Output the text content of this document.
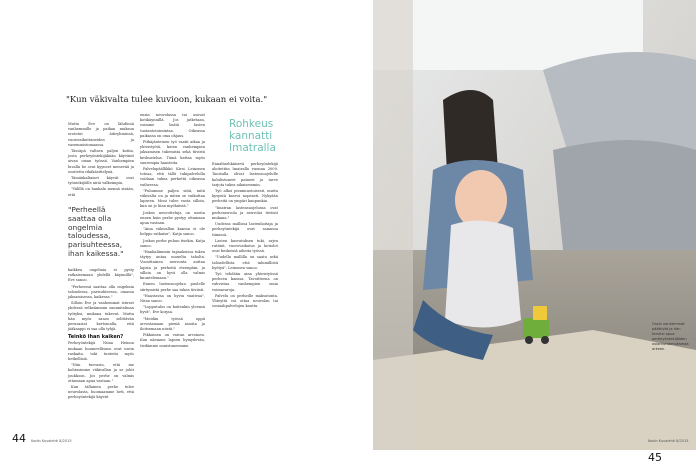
"Kun väkivalta tulee kuvioon, kukaan ei voita."

Mutta Eve on lähdössä vanhemmille ja paikan muksun erotetut äitiryhmässä, vuosivaikuttaneiden ja vasemmistomaassa.

Tässäpä valtava paljon kotiin, josta perheyöntekijäkään käyvänit aivan oman työnsä. Vanhempien luvalla he ovat kyyneet menevää ja osoitettu rikäkäsittelynä.

Tämänkaltaiset käyvät ovat työntekijöille niitä valkeimpia.

"Välillä on hankala mennä sisään, että

"Perheellä saattaa olla ongelmia taloudessa, parisuhteessa, ihan kaikessa."

kaikkea ongelmia ei pysty ratkaisemaan yhdellä käynnillä", Eve sanoo.

"Perheessä saattaa olla ongelmia taloudessa, parisuhteessa, omassa jaksamisessa, kaikessa."

Silloin Eve ja vanhemmat istuvat yhdessä selkeämmän suunnitelman työtyksi, mukana tukevat. Mutta hän myös sanoo selittävän perusasiat kertomalla, että jääkaappi ei saa olla tyhjä.

Teinkö ihan kaiken?

Perheyöntekijä Niina Heinon mukaan huumeellisuus ovat usein raskaita, toki tunteita myös hetkellisiä.

"Niin turvasin, että me kohtasimme väkivallan ja se johti joukkoon. Jos perhe on valmis ottamaan apua vastaan."

Kun tällainen perhe tulee neuvolasta, huomaamme heti, että perheyöntekijä käyvät

ensin neuvolassa tai asuvat kotikäynnillä. Jos jatketaan, voimme lisätä lasten tuotantotoimintaa. Oikeassa paikassa on oma ohjaus.

Pitkäjänteinen työ vaatii aikaa ja yhteistyötä, kuten vanhempien jaksamisen tukemista sekä tiivistä keskustelua. Tämä kattaa myös suurempia haasteita.

Palvelupäällikkö Kirsi Leinonen toteaa, että tällä tukipalvelulla voidaan tukea perhettä oikeassa vaiheessa.

"Puhumme paljon siitä, mitä väkivalta on ja miten se vaikuttaa lapseen. Moni tulee vasta silloin, kun on jo liian myöhäistä."

Joskus neuvotteluja on useita ennen kuin perhe pystyy ottamaan apua vastaan.

"Aina väkivallan kanssa ei ole helppo ratkaisu", Katja sanoo.

Joskus perhe puhuu itsekin, Katja sanoo.

"Hankaliimmin tapauksissa tukea täytyy antaa monelta taholta. Vuosittainen neuvonta auttaa lapsia ja perheitä eteenpäin, ja silloin on hyvä olla valmis kuuntelemaan."

Ennen lastensuojelun puolelle siirtymistä perhe saa tukea tiiviisti.

"Haastavaa on hyvin vaativaa", Niina sanoo.

"Lopputulos on kuitenkin yleensä hyvä", Eve korjaa.

"Meidän työssä oppii arvostamaan pieniä asioita ja iloitsemaan niistä."

Pikkuinen on vaivan arvoinen. Kun näemme lapsen hymyilevän, tiedämme onnistuneemme.

Rohkeus kannatti Imatralla

Ennaltaehkäisevä perheyöntekijä aloitettiin Imatralla vuonna 2009. Taustalla olivat lastensuojelulle kohdistuneet paineet ja tarve tarjota tukea aikaisemmin.

Työ alkoi pienimuotoisesti, mutta kysyntä kasvoi nopeasti. Nykyään perheitä on ympäri kaupunkia.

"Imatran lastensuojelussa ovat perheneuvola ja neuvolat tiiviisti mukana."

Uudessa mallissa lastenhoitaja ja perheyöntekijä ovat samassa tiimissä.

Lasten kasvatuksen tuki, arjen rutiinit, vuorovaikutus ja kotiolot ovat keskeisiä aiheita työssä.

"Uudella mallilla on saatu sekä taloudellista että inhimillistä hyötyä", Leinonen sanoo.

Työ tehdään aina yhteistyössä perheen kanssa. Tavoitteena on vahvistaa vanhempien omia voimavaroja.

Palvelu on perheille maksutonta. Yhteyttä voi ottaa neuvolan tai sosiaalipalvelujen kautta.

44 Kodin Kuvalehti 8/2015
Ossin vanhemmat päättivät ja hän tarvitsi apua perheyöntekijöiden asiantuntemuksesta arkeen.
Kodin Kuvalehti 8/2015 45
